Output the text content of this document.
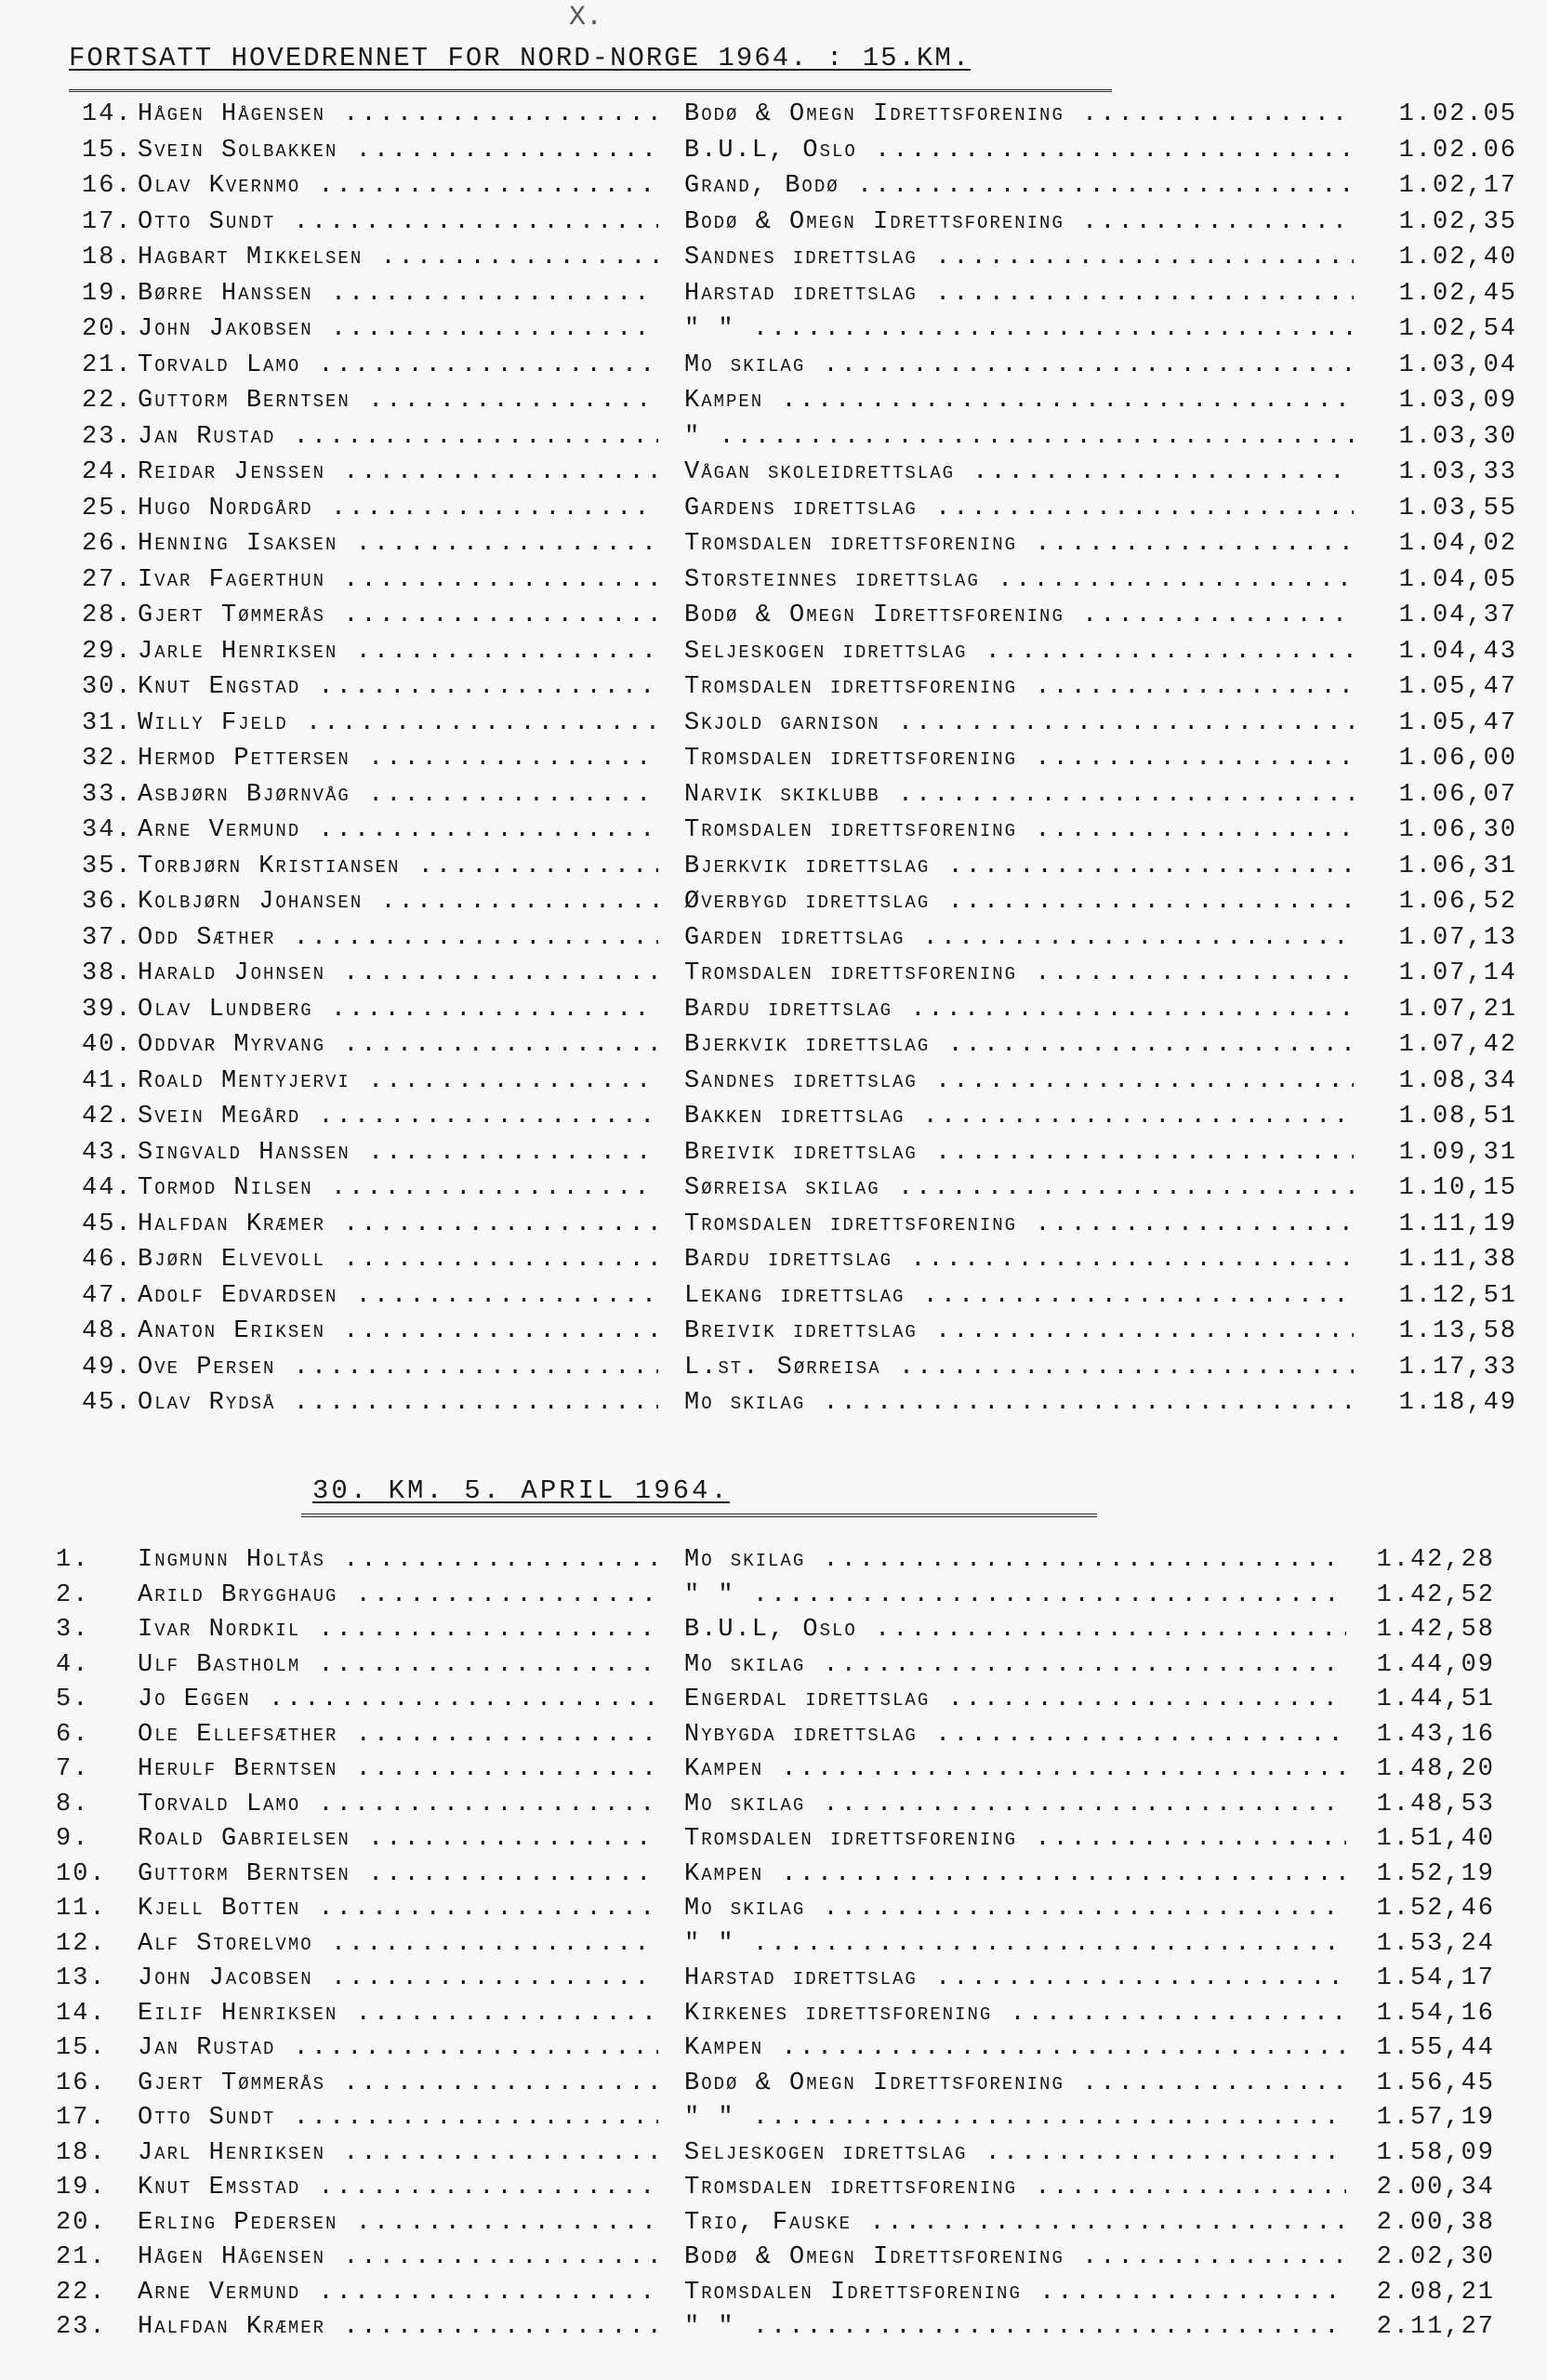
X.
FORTSATT HOVEDRENNET FOR NORD-NORGE 1964. : 15.KM.
14. Hågen Hågensen .....	Bodø & Omegn Idrettsforening .....	1.02.05
15. Svein Solbakken .....	B.U.L, Oslo .....	1.02.06
16. Olav Kvernmo .....	Grand, Bodø .....	1.02,17
17. Otto Sundt .....	Bodø & Omegn Idrettsforening .....	1.02,35
18. Hagbart Mikkelsen .....	Sandnes idrettslag .....	1.02,40
19. Børre Hanssen .....	Harstad idrettslag .....	1.02,45
20. John Jakobsen .....	" " .....	1.02,54
21. Torvald Lamo .....	Mo skilag .....	1.03,04
22. Guttorm Berntsen .....	Kampen .....	1.03,09
23. Jan Rustad .....	" .....	1.03,30
24. Reidar Jenssen .....	Vågan skoleidrettslag .....	1.03,33
25. Hugo Nordgård .....	Gardens idrettslag .....	1.03,55
26. Henning Isaksen .....	Tromsdalen idrettsforening .....	1.04,02
27. Ivar Fagerthun .....	Storsteinnes idrettslag .....	1.04,05
28. Gjert Tømmerås .....	Bodø & Omegn Idrettsforening .....	1.04,37
29. Jarle Henriksen .....	Seljeskogen idrettslag .....	1.04,43
30. Knut Engstad .....	Tromsdalen idrettsforening .....	1.05,47
31. Willy Fjeld .....	Skjold garnison .....	1.05,47
32. Hermod Pettersen .....	Tromsdalen idrettsforening .....	1.06,00
33. Asbjørn Bjørnvåg .....	Narvik skiklubb .....	1.06,07
34. Arne Vermund .....	Tromsdalen idrettsforening .....	1.06,30
35. Torbjørn Kristiansen .....	Bjerkvik idrettslag .....	1.06,31
36. Kolbjørn Johansen .....	Øverbygd idrettslag .....	1.06,52
37. Odd Sæther .....	Garden idrettslag .....	1.07,13
38. Harald Johnsen .....	Tromsdalen idrettsforening .....	1.07,14
39. Olav Lundberg .....	Bardu idrettslag .....	1.07,21
40. Oddvar Myrvang .....	Bjerkvik idrettslag .....	1.07,42
41. Roald Mentyjervi .....	Sandnes idrettslag .....	1.08,34
42. Svein Megård .....	Bakken idrettslag .....	1.08,51
43. Singvald Hanssen .....	Breivik idrettslag .....	1.09,31
44. Tormod Nilsen .....	Sørreisa skilag .....	1.10,15
45. Halfdan Kræmer .....	Tromsdalen idrettsforening .....	1.11,19
46. Bjørn Elvevoll .....	Bardu idrettslag .....	1.11,38
47. Adolf Edvardsen .....	Lekang idrettslag .....	1.12,51
48. Anaton Eriksen .....	Breivik idrettslag .....	1.13,58
49. Ove Persen .....	L.st. Sørreisa .....	1.17,33
45. Olav Rydså .....	Mo skilag .....	1.18,49
30. KM. 5. APRIL 1964.
1.	Ingmunn Holtås .....	Mo skilag .....	1.42,28
2.	Arild Brygghaug .....	" " .....	1.42,52
3.	Ivar Nordkil .....	B.U.L, Oslo .....	1.42,58
4.	Ulf Bastholm .....	Mo skilag .....	1.44,09
5.	Jo Eggen .....	Engerdal idrettslag .....	1.44,51
6.	Ole Ellefsæther .....	Nybygda idrettslag .....	1.43,16
7.	Herulf Berntsen .....	Kampen .....	1.48,20
8.	Torvald Lamo .....	Mo skilag .....	1.48,53
9.	Roald Gabrielsen .....	Tromsdalen idrettsforening .....	1.51,40
10.	Guttorm Berntsen .....	Kampen .....	1.52,19
11.	Kjell Botten .....	Mo skilag .....	1.52,46
12.	Alf Storelvmo .....	" " .....	1.53,24
13.	John Jacobsen .....	Harstad idrettslag .....	1.54,17
14.	Eilif Henriksen .....	Kirkenes idrettsforening .....	1.54,16
15.	Jan Rustad .....	Kampen .....	1.55,44
16.	Gjert Tømmerås .....	Bodø & Omegn Idrettsforening .....	1.56,45
17.	Otto Sundt .....	" " .....	1.57,19
18.	Jarl Henriksen .....	Seljeskogen idrettslag .....	1.58,09
19.	Knut Emsstad .....	Tromsdalen idrettsforening .....	2.00,34
20.	Erling Pedersen .....	Trio, Fauske .....	2.00,38
21.	Hågen Hågensen .....	Bodø & Omegn Idrettsforening .....	2.02,30
22.	Arne Vermund .....	Tromsdalen Idrettsforening .....	2.08,21
23.	Halfdan Kræmer .....	" " .....	2.11,27
